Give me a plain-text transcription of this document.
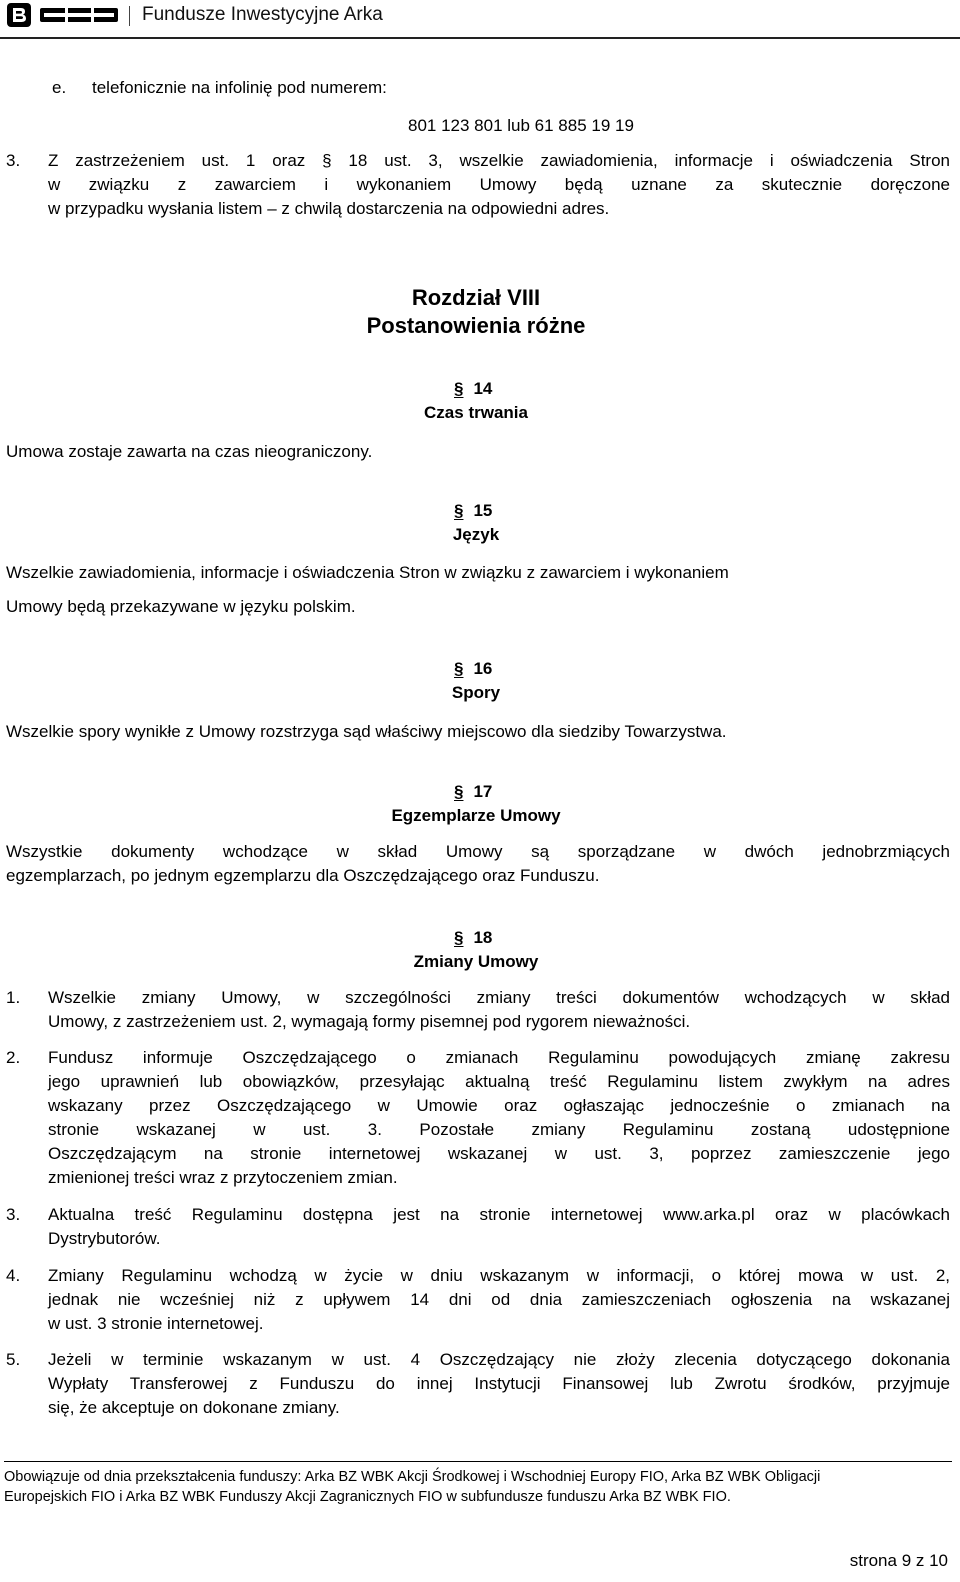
Fundusze Inwestycyjne Arka
e. telefonicznie na infolinię pod numerem:
801 123 801 lub 61 885 19 19
3. Z zastrzeżeniem ust. 1 oraz § 18 ust. 3, wszelkie zawiadomienia, informacje i oświadczenia Stron
w związku z zawarciem i wykonaniem Umowy będą uznane za skutecznie doręczone
w przypadku wysłania listem – z chwilą dostarczenia na odpowiedni adres.
Rozdział VIII
Postanowienia różne
§ 14
Czas trwania
Umowa zostaje zawarta na czas nieograniczony.
§ 15
Język
Wszelkie zawiadomienia, informacje i oświadczenia Stron w związku z zawarciem i wykonaniem
Umowy będą przekazywane w języku polskim.
§ 16
Spory
Wszelkie spory wynikłe z Umowy rozstrzyga sąd właściwy miejscowo dla siedziby Towarzystwa.
§ 17
Egzemplarze Umowy
Wszystkie dokumenty wchodzące w skład Umowy są sporządzane w dwóch jednobrzmiących
egzemplarzach, po jednym egzemplarzu dla Oszczędzającego oraz Funduszu.
§ 18
Zmiany Umowy
1. Wszelkie zmiany Umowy, w szczególności zmiany treści dokumentów wchodzących w skład
Umowy, z zastrzeżeniem ust. 2, wymagają formy pisemnej pod rygorem nieważności.
2. Fundusz informuje Oszczędzającego o zmianach Regulaminu powodujących zmianę zakresu
jego uprawnień lub obowiązków, przesyłając aktualną treść Regulaminu listem zwykłym na adres
wskazany przez Oszczędzającego w Umowie oraz ogłaszając jednocześnie o zmianach na
stronie wskazanej w ust. 3. Pozostałe zmiany Regulaminu zostaną udostępnione
Oszczędzającym na stronie internetowej wskazanej w ust. 3, poprzez zamieszczenie jego
zmienionej treści wraz z przytoczeniem zmian.
3. Aktualna treść Regulaminu dostępna jest na stronie internetowej www.arka.pl oraz w placówkach
Dystrybutorów.
4. Zmiany Regulaminu wchodzą w życie w dniu wskazanym w informacji, o której mowa w ust. 2,
jednak nie wcześniej niż z upływem 14 dni od dnia zamieszczeniach ogłoszenia na wskazanej
w ust. 3 stronie internetowej.
5. Jeżeli w terminie wskazanym w ust. 4 Oszczędzający nie złoży zlecenia dotyczącego dokonania
Wypłaty Transferowej z Funduszu do innej Instytucji Finansowej lub Zwrotu środków, przyjmuje
się, że akceptuje on dokonane zmiany.
Obowiązuje od dnia przekształcenia funduszy: Arka BZ WBK Akcji Środkowej i Wschodniej Europy FIO, Arka BZ WBK Obligacji
Europejskich FIO i Arka BZ WBK Funduszy Akcji Zagranicznych FIO w subfundusze funduszu Arka BZ WBK FIO.
strona 9 z 10
